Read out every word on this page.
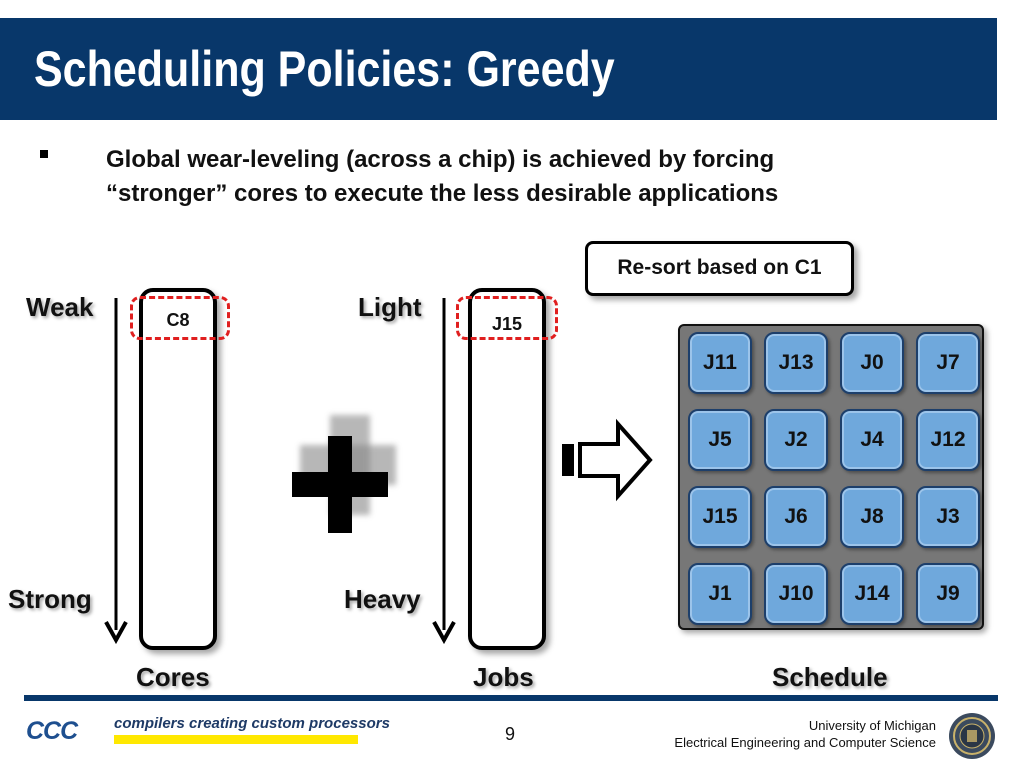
Scheduling Policies: Greedy
Global wear-leveling (across a chip) is achieved by forcing
“stronger” cores to execute the less desirable applications
Weak
Strong
C8
Cores
Light
Heavy
J15
Jobs
Re-sort based on C1
J11	J13	J0	J7
J5	J2	J4	J12
J15	J6	J8	J3
J1	J10	J14	J9
Schedule
CCC compilers creating custom processors
9	University of Michigan
Electrical Engineering and Computer Science
